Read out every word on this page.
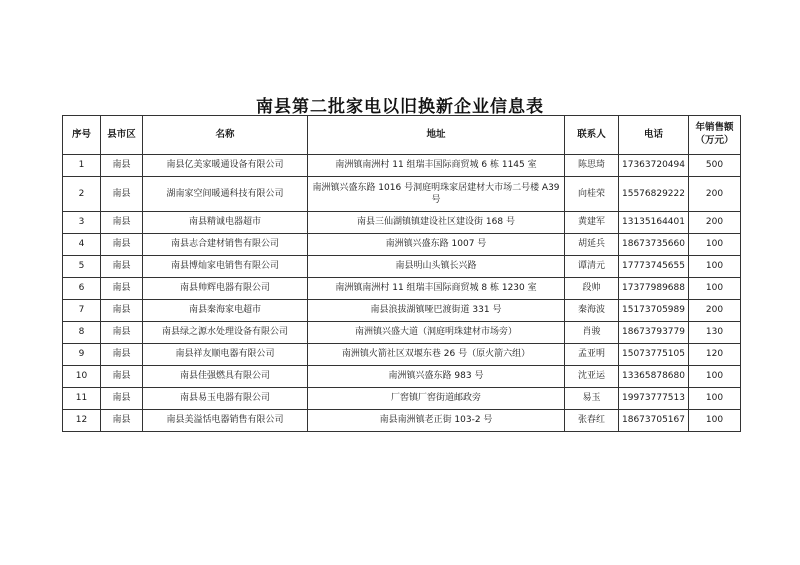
南县第二批家电以旧换新企业信息表
序号	县市区	名称	地址	联系人	电话	年销售额（万元）
1	南县	南县亿美家暖通设备有限公司	南洲镇南洲村 11 组瑞丰国际商贸城 6 栋 1145 室	陈思琦	17363720494	500
2	南县	湖南家空间暖通科技有限公司	南洲镇兴盛东路 1016 号洞庭明珠家居建材大市场二号楼 A39 号	向桂荣	15576829222	200
3	南县	南县精诚电器超市	南县三仙湖镇镇建设社区建设街 168 号	黄建军	13135164401	200
4	南县	南县志合建材销售有限公司	南洲镇兴盛东路 1007 号	胡延兵	18673735660	100
5	南县	南县博灿家电销售有限公司	南县明山头镇长兴路	谭清元	17773745655	100
6	南县	南县帅辉电器有限公司	南洲镇南洲村 11 组瑞丰国际商贸城 8 栋 1230 室	段帅	17377989688	100
7	南县	南县秦海家电超市	南县浪拔湖镇哑巴渡街道 331 号	秦海波	15173705989	200
8	南县	南县绿之源水处理设备有限公司	南洲镇兴盛大道（洞庭明珠建材市场旁）	肖骏	18673793779	130
9	南县	南县祥友顺电器有限公司	南洲镇火箭社区双堰东巷 26 号（原火箭六组）	孟亚明	15073775105	120
10	南县	南县佳强燃具有限公司	南洲镇兴盛东路 983 号	沈亚运	13365878680	100
11	南县	南县易玉电器有限公司	厂窖镇厂窖街道邮政旁	易玉	19973777513	100
12	南县	南县美溢恬电器销售有限公司	南县南洲镇老正街 103-2 号	张春红	18673705167	100
